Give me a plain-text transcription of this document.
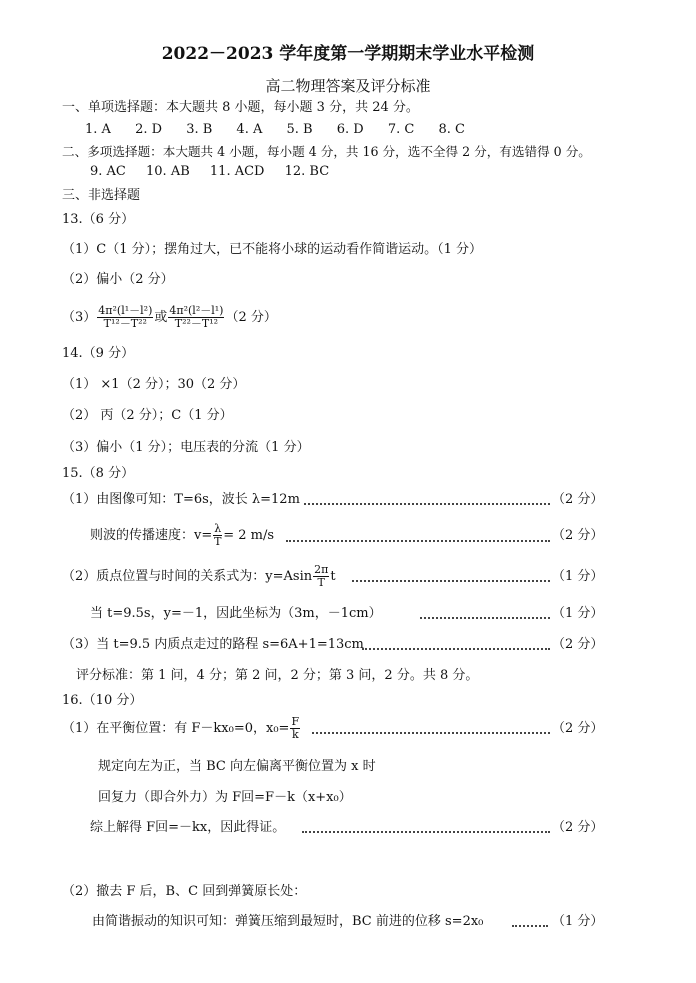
2022－2023 学年度第一学期期末学业水平检测
高二物理答案及评分标准
一、单项选择题：本大题共 8 小题，每小题 3 分，共 24 分。
1. A 2. D 3. B 4. A 5. B 6. D 7. C 8. C
二、多项选择题：本大题共 4 小题，每小题 4 分，共 16 分，选不全得 2 分，有选错得 0 分。
9. AC 10. AB 11. ACD 12. BC
三、非选择题
13.（6 分）
（1）C（1 分）；摆角过大，已不能将小球的运动看作简谐运动。（1 分）
（2）偏小（2 分）
$(3) \frac{\text{4π²(l¹－l²)}}{\text{T¹²－T²²}}$ 或 $\frac{\text{4π²(l²－l¹)}}{\text{T²²－T¹²}} (2$ 分）
14.（9 分）
（1） ×1（2 分）；30（2 分）
（2） 丙（2 分）；C（1 分）
（3）偏小（1 分）；电压表的分流（1 分）
15.（8 分）
（1）由图像可知：T=6s，波长 λ=12m	（2 分）
则波的传播速度：$v= \frac{\lambda}{T} = 2$ m/s	（2 分）
（2）质点位置与时间的关系式为：$y=Asin \frac{2\pi}{T}$ t	（1 分）
当 t=9.5s，y=－1，因此坐标为（3m，－1cm）	（1 分）
（3）当 t=9.5 内质点走过的路程 s=6A+1=13cm	（2 分）
评分标准：第 1 问，4 分；第 2 问，2 分；第 3 问，2 分。共 8 分。
16.（10 分）
（1）在平衡位置：有 F－kx₀=0，$x_0= \frac{F}{k}$	（2 分）
规定向左为正，当 BC 向左偏离平衡位置为 x 时
回复力（即合外力）为 F回=F－k（x+x₀）
综上解得 F回=－kx，因此得证。	（2 分）
（2）撤去 F 后，B、C 回到弹簧原长处：
由简谐振动的知识可知：弹簧压缩到最短时，BC 前进的位移 s=2x₀	（1 分）
